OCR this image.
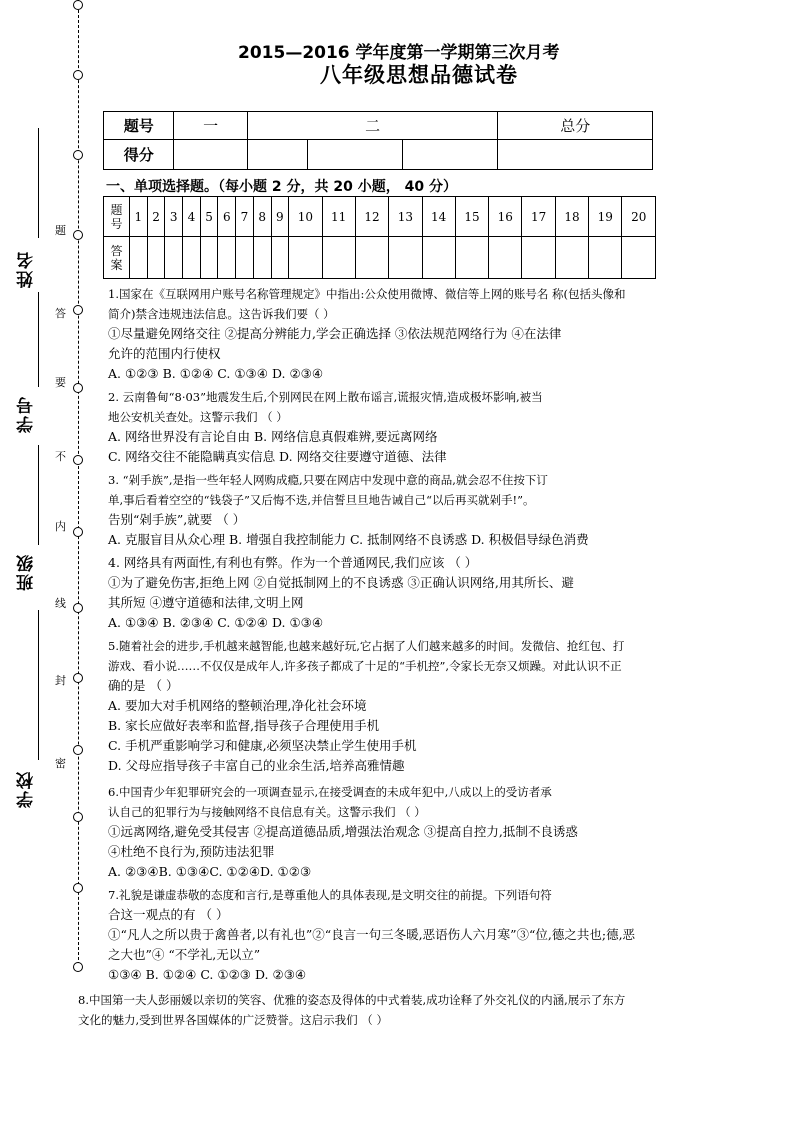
题
答
要
不
内
线
封
密
姓名
学号
班级
学校
2015—2016 学年度第一学期第三次月考
八年级思想品德试卷
题号	一	二			总分
得分					
一、单项选择题。（每小题 2 分，共 20 小题， 40 分）
题
号	1	2	3	4	5	6	7	8	9	10	11	12	13	14	15	16	17	18	19	20
答
案																				
1.国家在《互联网用户账号名称管理规定》中指出:公众使用微博、微信等上网的账号名 称(包括头像和
简介)禁含违规违法信息。这告诉我们要（ ）
①尽量避免网络交往 ②提高分辨能力,学会正确选择 ③依法规范网络行为 ④在法律
允许的范围内行使权
A. ①②③ B. ①②④ C. ①③④ D. ②③④
2. 云南鲁甸“8·03”地震发生后,个别网民在网上散布谣言,谎报灾情,造成极坏影响,被当
地公安机关查处。这警示我们 （ ）
A. 网络世界没有言论自由 B. 网络信息真假难辨,要远离网络
C. 网络交往不能隐瞒真实信息 D. 网络交往要遵守道德、法律
3. “剁手族”,是指一些年轻人网购成瘾,只要在网店中发现中意的商品,就会忍不住按下订
单,事后看着空空的“钱袋子”又后悔不迭,并信誓旦旦地告诫自己“以后再买就剁手!”。
告别“剁手族”,就要 （ ）
A. 克服盲目从众心理 B. 增强自我控制能力 C. 抵制网络不良诱惑 D. 积极倡导绿色消费
4. 网络具有两面性,有利也有弊。作为一个普通网民,我们应该 （ ）
①为了避免伤害,拒绝上网 ②自觉抵制网上的不良诱惑 ③正确认识网络,用其所长、避
其所短 ④遵守道德和法律,文明上网
A. ①③④ B. ②③④ C. ①②④ D. ①③④
5.随着社会的进步,手机越来越智能,也越来越好玩,它占据了人们越来越多的时间。发微信、抢红包、打
游戏、看小说……不仅仅是成年人,许多孩子都成了十足的“手机控”,令家长无奈又烦躁。对此认识不正
确的是 （ ）
A. 要加大对手机网络的整顿治理,净化社会环境
B. 家长应做好表率和监督,指导孩子合理使用手机
C. 手机严重影响学习和健康,必须坚决禁止学生使用手机
D. 父母应指导孩子丰富自己的业余生活,培养高雅情趣
6.中国青少年犯罪研究会的一项调查显示,在接受调查的未成年犯中,八成以上的受访者承
认自己的犯罪行为与接触网络不良信息有关。这警示我们 （ ）
①远离网络,避免受其侵害 ②提高道德品质,增强法治观念 ③提高自控力,抵制不良诱惑
④杜绝不良行为,预防违法犯罪
A. ②③④B. ①③④C. ①②④D. ①②③
7.礼貌是谦虚恭敬的态度和言行,是尊重他人的具体表现,是文明交往的前提。下列语句符
合这一观点的有 （ ）
①“凡人之所以贵于禽兽者,以有礼也”②“良言一句三冬暖,恶语伤人六月寒”③“位,德之共也;德,恶
之大也”④ “不学礼,无以立”
①③④ B. ①②④ C. ①②③ D. ②③④
8.中国第一夫人彭丽媛以亲切的笑容、优雅的姿态及得体的中式着装,成功诠释了外交礼仪的内涵,展示了东方
文化的魅力,受到世界各国媒体的广泛赞誉。这启示我们 （ ）
